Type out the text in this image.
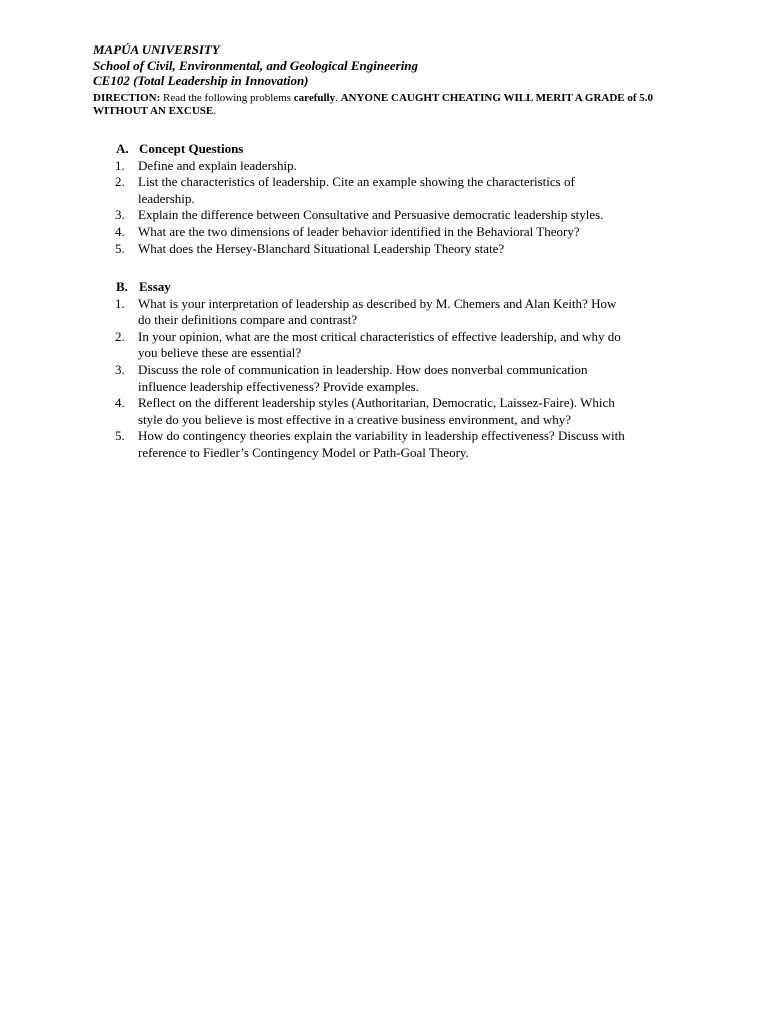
MAPÚA UNIVERSITY
School of Civil, Environmental, and Geological Engineering
CE102 (Total Leadership in Innovation)
DIRECTION: Read the following problems carefully. ANYONE CAUGHT CHEATING WILL MERIT A GRADE of 5.0 WITHOUT AN EXCUSE.
A. Concept Questions
1.	Define and explain leadership.
2.	List the characteristics of leadership. Cite an example showing the characteristics of
leadership.
3.	Explain the difference between Consultative and Persuasive democratic leadership styles.
4.	What are the two dimensions of leader behavior identified in the Behavioral Theory?
5.	What does the Hersey-Blanchard Situational Leadership Theory state?
B. Essay
1.	What is your interpretation of leadership as described by M. Chemers and Alan Keith? How
do their definitions compare and contrast?
2.	In your opinion, what are the most critical characteristics of effective leadership, and why do
you believe these are essential?
3.	Discuss the role of communication in leadership. How does nonverbal communication
influence leadership effectiveness? Provide examples.
4.	Reflect on the different leadership styles (Authoritarian, Democratic, Laissez-Faire). Which
style do you believe is most effective in a creative business environment, and why?
5.	How do contingency theories explain the variability in leadership effectiveness? Discuss with
reference to Fiedler’s Contingency Model or Path-Goal Theory.
